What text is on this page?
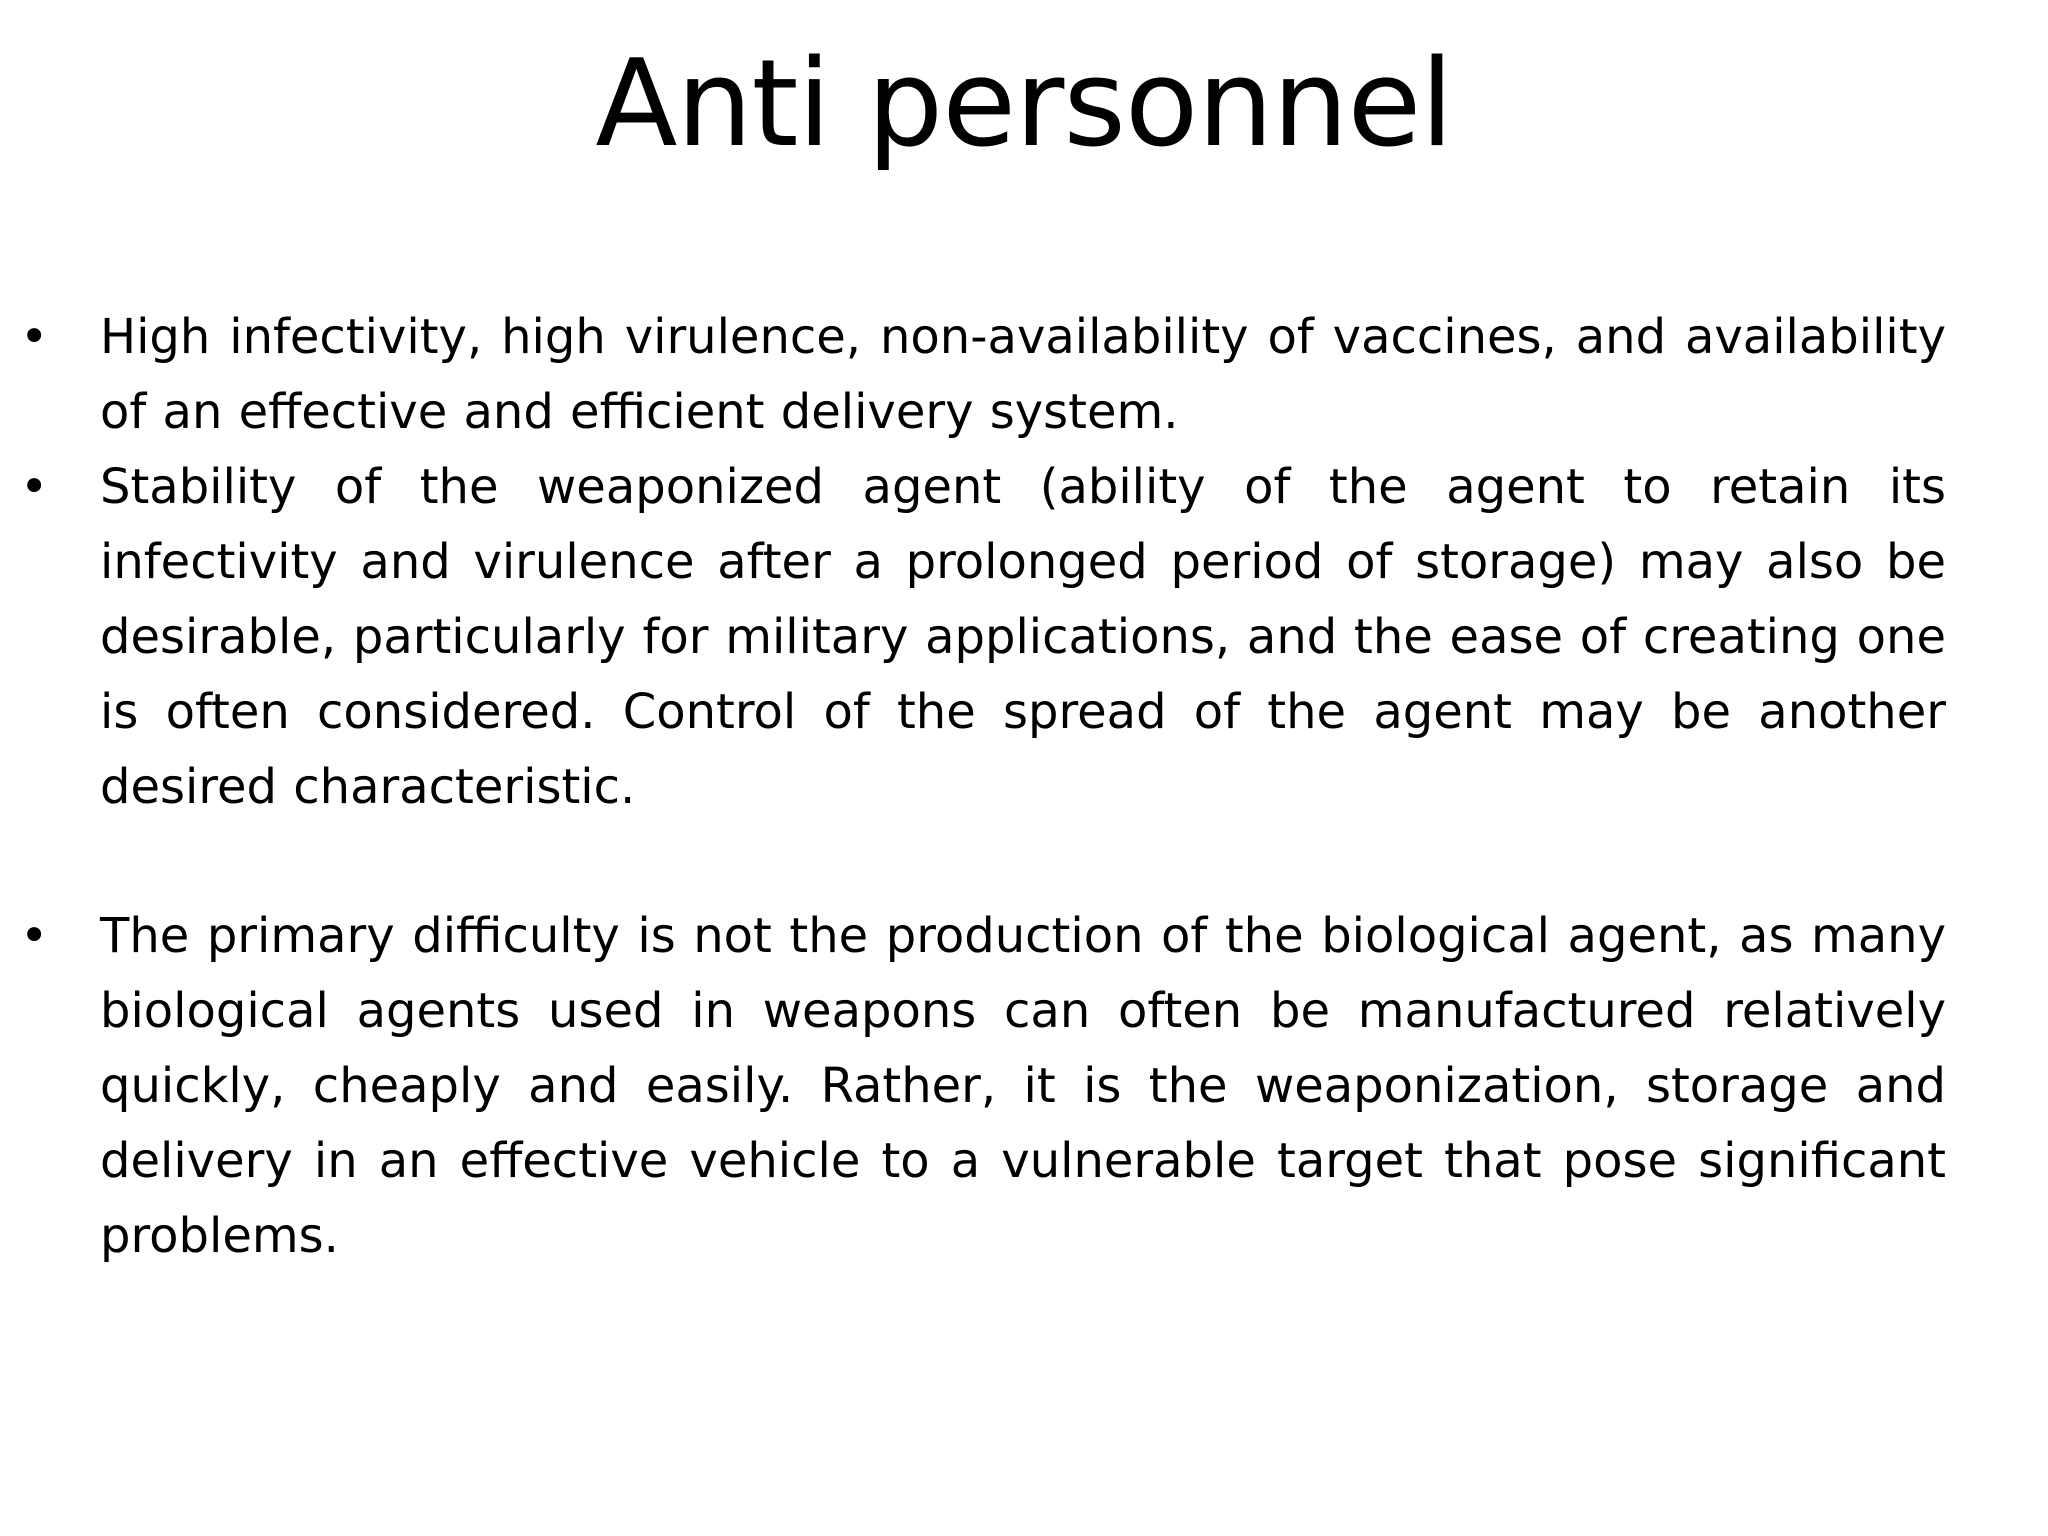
Anti personnel
•	High infectivity, high virulence, non-availability of vaccines, and availability of an effective and efficient delivery system.
•	Stability of the weaponized agent (ability of the agent to retain its infectivity and virulence after a prolonged period of storage) may also be desirable, particularly for military applications, and the ease of creating one is often considered. Control of the spread of the agent may be another desired characteristic.
•	The primary difficulty is not the production of the biological agent, as many biological agents used in weapons can often be manufactured relatively quickly, cheaply and easily. Rather, it is the weaponization, storage and delivery in an effective vehicle to a vulnerable target that pose significant problems.
